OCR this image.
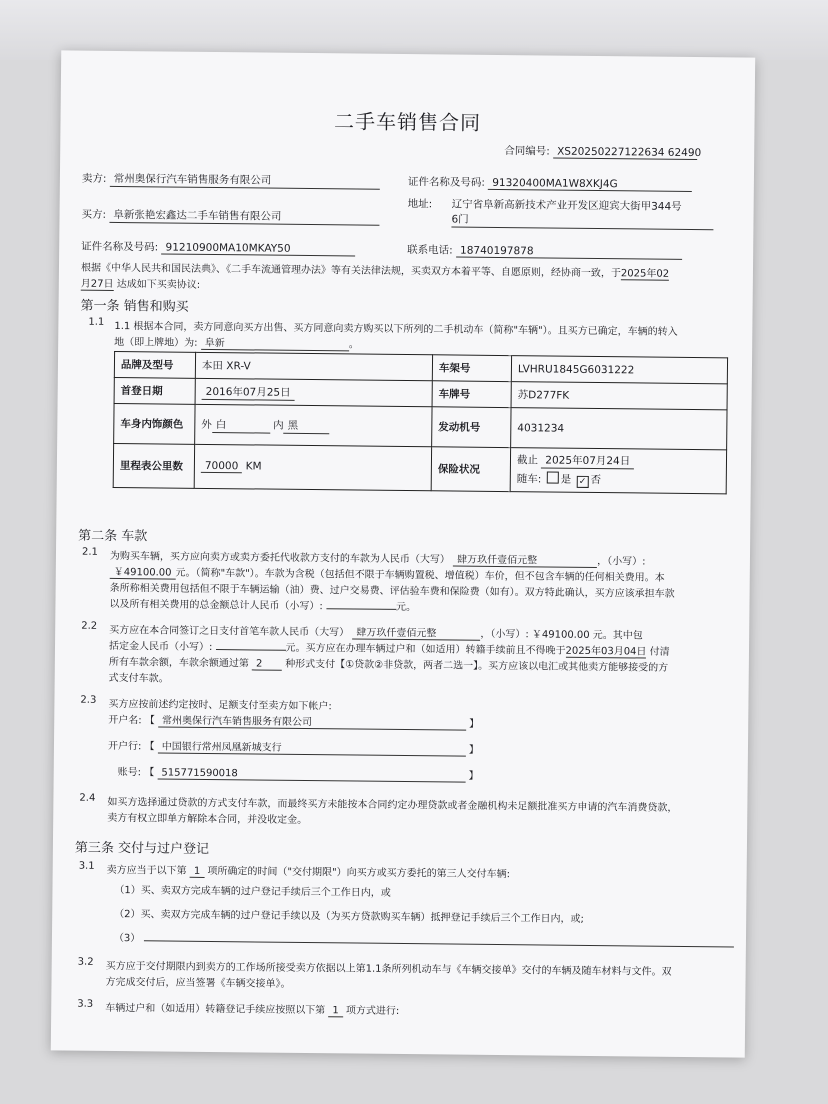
二手车销售合同
合同编号: XS20250227122634 62490
卖方: 常州奥保行汽车销售服务有限公司	证件名称及号码: 91320400MA1W8XKJ4G
买方: 阜新张艳宏鑫达二手车销售有限公司
地址: 辽宁省阜新高新技术产业开发区迎宾大街甲344号
6门
证件名称及号码: 91210900MA10MKAY50	联系电话: 18740197878
根据《中华人民共和国民法典》、《二手车流通管理办法》等有关法律法规，买卖双方本着平等、自愿原则，经协商一致，于2025年02
月27日 达成如下买卖协议:
第一条 销售和购买
1.1 1.1 根据本合同，卖方同意向买方出售、买方同意向卖方购买以下所列的二手机动车（简称"车辆"）。且买方已确定，车辆的转入
地（即上牌地）为: 阜新	。
品牌及型号	本田 XR-V	车架号	LVHRU1845G6031222
首登日期	2016年07月25日	车牌号	苏D277FK
车身内饰颜色	外 白 内 黑	发动机号	4031234
里程表公里数	70000 KM	保险状况	截止 2025年07月24日
随车: 是 ✓ 否
第二条 车款
2.1 为购买车辆，买方应向卖方或卖方委托代收款方支付的车款为人民币（大写） 肆万玖仟壹佰元整	，（小写）:
￥49100.00 元。（简称"车款"）。车款为含税（包括但不限于车辆购置税、增值税）车价，但不包含车辆的任何相关费用。本
条所称相关费用包括但不限于车辆运输（油）费、过户交易费、评估验车费和保险费（如有）。双方特此确认，买方应该承担车款
以及所有相关费用的总金额总计人民币（小写）:	元。
2.2 买方应在本合同签订之日支付首笔车款人民币（大写） 肆万玖仟壹佰元整	，（小写）: ￥49100.00 元。其中包
括定金人民币（小写）:	元。买方应在办理车辆过户和（如适用）转籍手续前且不得晚于2025年03月04日 付清
所有车款余额，车款余额通过第 2 种形式支付【①贷款②非贷款，两者二选一】。买方应该以电汇或其他卖方能够接受的方
式支付车款。
2.3 买方应按前述约定按时、足额支付至卖方如下帐户:
开户名: 【 常州奥保行汽车销售服务有限公司	】
开户行: 【 中国银行常州凤凰新城支行	】
账号: 【 515771590018	】
2.4 如买方选择通过贷款的方式支付车款，而最终买方未能按本合同约定办理贷款或者金融机构未足额批准买方申请的汽车消费贷款，
卖方有权立即单方解除本合同，并没收定金。
第三条 交付与过户登记
3.1 卖方应当于以下第 1 项所确定的时间（"交付期限"）向买方或买方委托的第三人交付车辆:
（1）买、卖双方完成车辆的过户登记手续后三个工作日内，或
（2）买、卖双方完成车辆的过户登记手续以及（为买方贷款购买车辆）抵押登记手续后三个工作日内，或;
（3）
3.2 买方应于交付期限内到卖方的工作场所接受卖方依据以上第1.1条所列机动车与《车辆交接单》交付的车辆及随车材料与文件。双
方完成交付后，应当签署《车辆交接单》。
3.3 车辆过户和（如适用）转籍登记手续应按照以下第 1 项方式进行:
